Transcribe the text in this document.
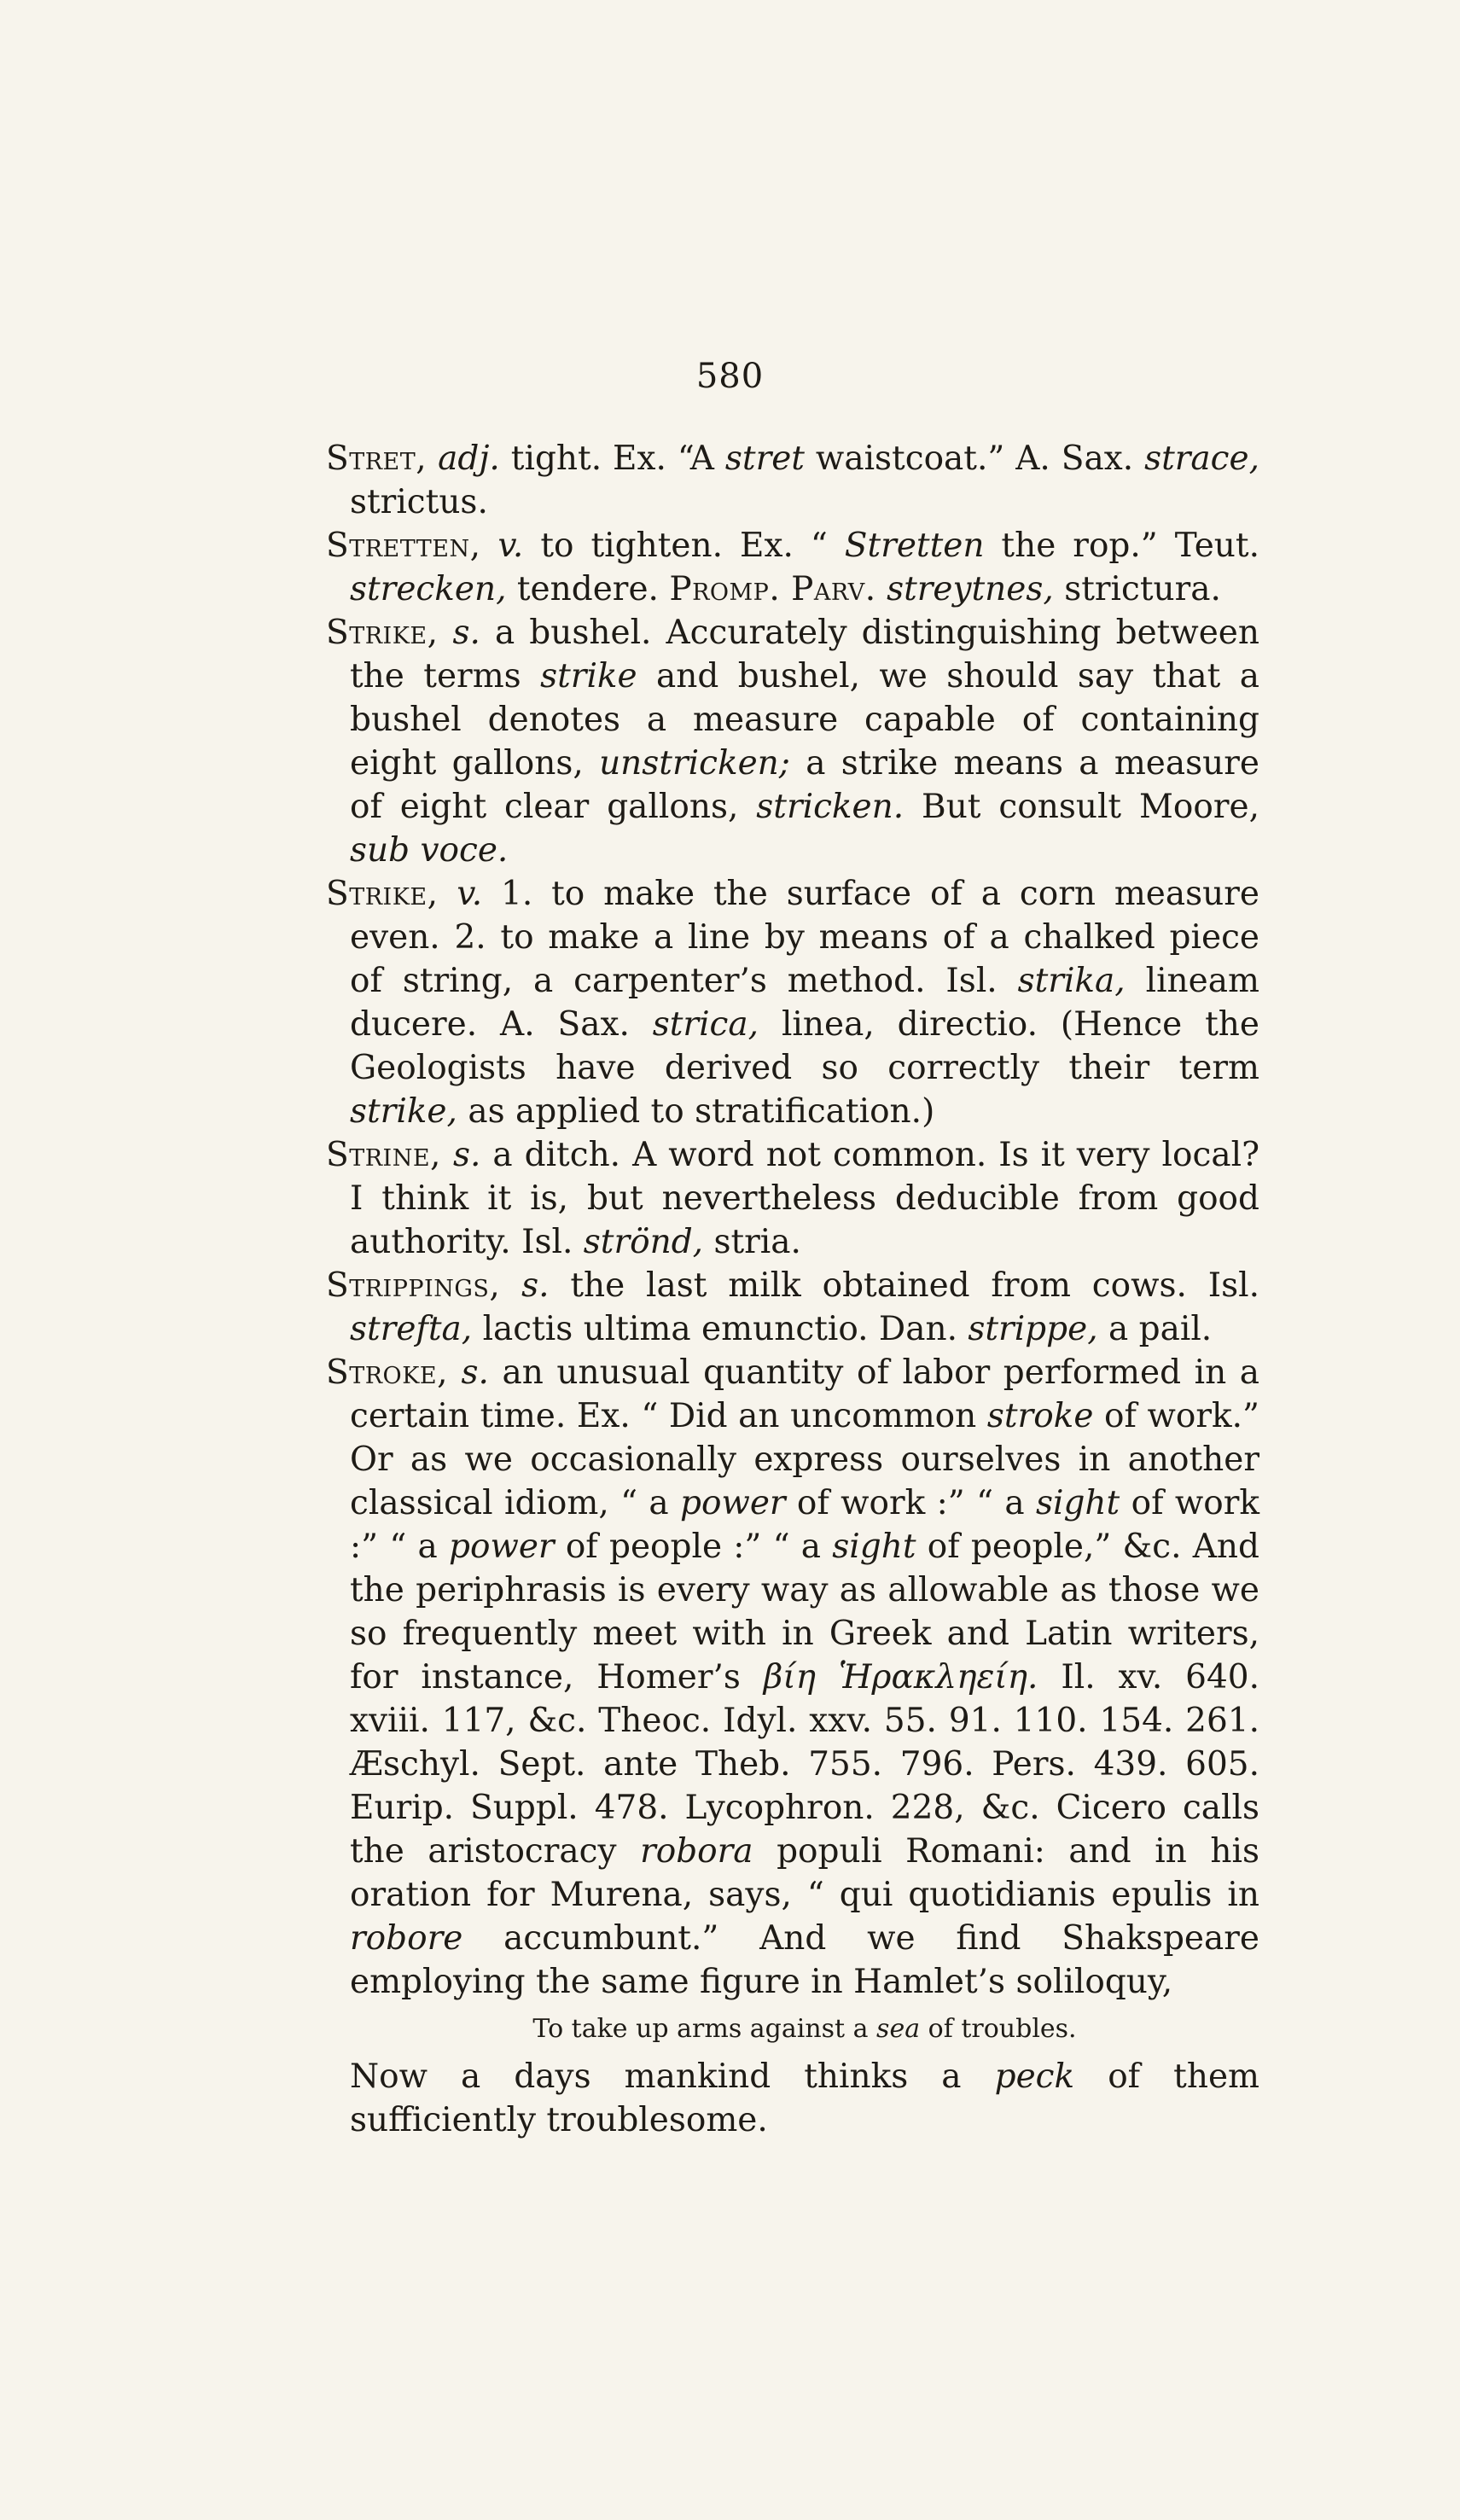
580

Stret, adj. tight. Ex. “A stret waistcoat.” A. Sax. strace, strictus.

Stretten, v. to tighten. Ex. “ Stretten the rop.” Teut. strecken, tendere. Promp. Parv. streytnes, strictura.

Strike, s. a bushel. Accurately distinguishing between the terms strike and bushel, we should say that a bushel denotes a measure capable of containing eight gallons, unstricken; a strike means a measure of eight clear gallons, stricken. But consult Moore, sub voce.

Strike, v. 1. to make the surface of a corn measure even. 2. to make a line by means of a chalked piece of string, a carpenter’s method. Isl. strika, lineam ducere. A. Sax. strica, linea, directio. (Hence the Geologists have derived so correctly their term strike, as applied to stratification.)

Strine, s. a ditch. A word not common. Is it very local? I think it is, but nevertheless deducible from good authority. Isl. strönd, stria.

Strippings, s. the last milk obtained from cows. Isl. strefta, lactis ultima emunctio. Dan. strippe, a pail.

Stroke, s. an unusual quantity of labor performed in a certain time. Ex. “ Did an uncommon stroke of work.” Or as we occasionally express ourselves in another classical idiom, “ a power of work :” “ a sight of work :” “ a power of people :” “ a sight of people,” &c. And the periphrasis is every way as allowable as those we so frequently meet with in Greek and Latin writers, for instance, Homer’s βίη Ἡρακληείη. Il. xv. 640. xviii. 117, &c. Theoc. Idyl. xxv. 55. 91. 110. 154. 261. Æschyl. Sept. ante Theb. 755. 796. Pers. 439. 605. Eurip. Suppl. 478. Lycophron. 228, &c. Cicero calls the aristocracy robora populi Romani: and in his oration for Murena, says, “ qui quotidianis epulis in robore accumbunt.” And we find Shakspeare employing the same figure in Hamlet’s soliloquy,

To take up arms against a sea of troubles.

Now a days mankind thinks a peck of them sufficiently troublesome.
